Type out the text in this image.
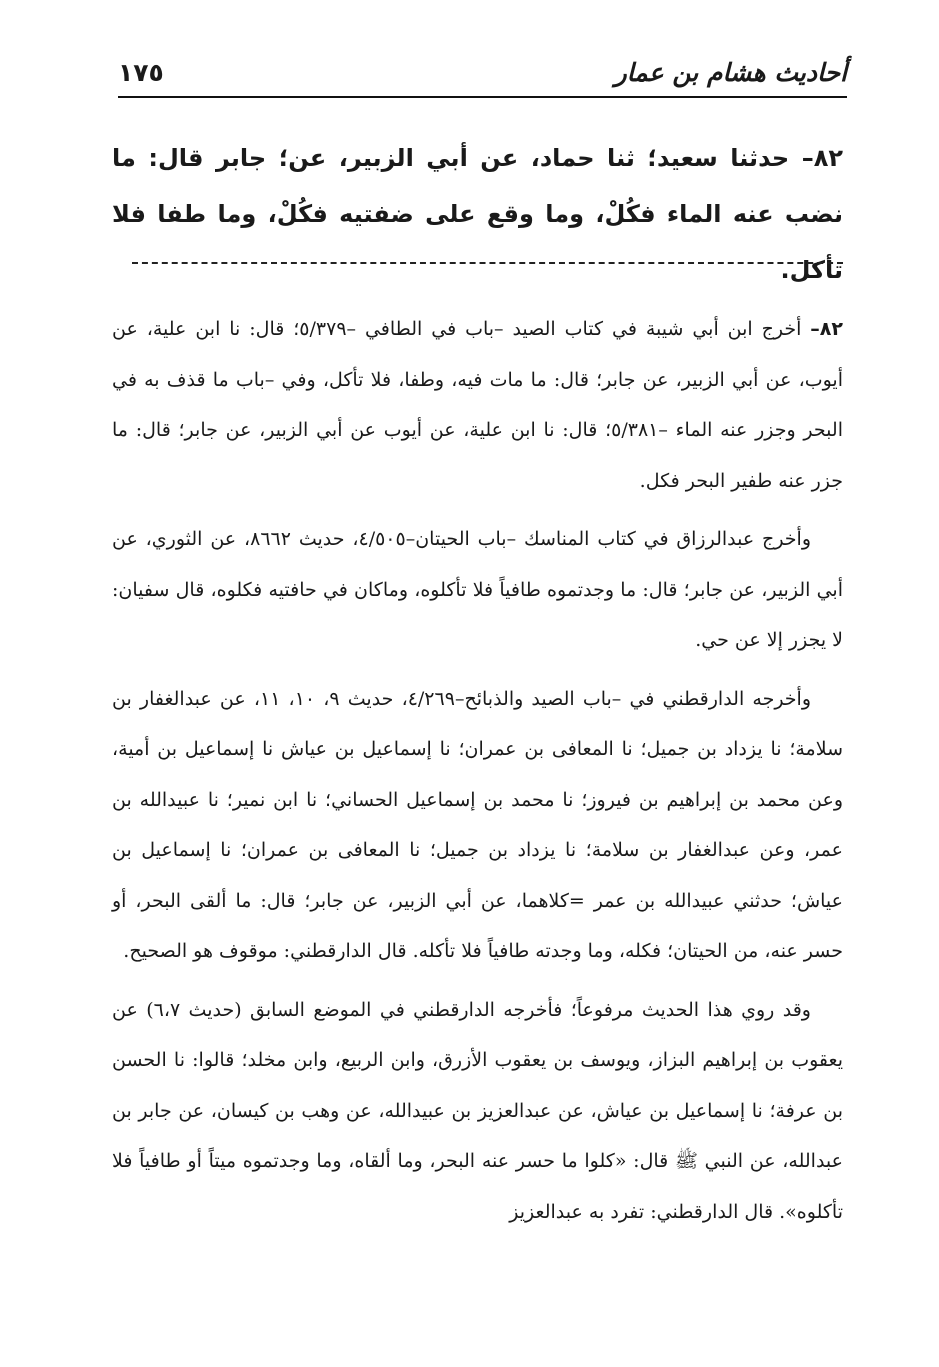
أحاديث هشام بن عمار
١٧٥
٨٢– حدثنا سعيد؛ ثنا حماد، عن أبي الزبير، عن؛ جابر قال: ما نضب عنه الماء فكُلْ، وما وقع على ضفتيه فكُلْ، وما طفا فلا تأكل.

٨٢– أخرج ابن أبي شيبة في كتاب الصيد –باب في الطافي –٥/٣٧٩؛ قال: نا ابن علية، عن أيوب، عن أبي الزبير، عن جابر؛ قال: ما مات فيه، وطفا، فلا تأكل، وفي –باب ما قذف به في البحر وجزر عنه الماء –٥/٣٨١؛ قال: نا ابن علية، عن أيوب عن أبي الزبير، عن جابر؛ قال: ما جزر عنه طفير البحر فكل.

وأخرج عبدالرزاق في كتاب المناسك –باب الحيتان–٤/٥٠٥، حديث ٨٦٦٢، عن الثوري، عن أبي الزبير، عن جابر؛ قال: ما وجدتموه طافياً فلا تأكلوه، وماكان في حافتيه فكلوه، قال سفيان: لا يجزر إلا عن حي.

وأخرجه الدارقطني في –باب الصيد والذبائح–٤/٢٦٩، حديث ٩، ١٠، ١١، عن عبدالغفار بن سلامة؛ نا يزداد بن جميل؛ نا المعافى بن عمران؛ نا إسماعيل بن عياش نا إسماعيل بن أمية، وعن محمد بن إبراهيم بن فيروز؛ نا محمد بن إسماعيل الحساني؛ نا ابن نمير؛ نا عبيدالله بن عمر، وعن عبدالغفار بن سلامة؛ نا يزداد بن جميل؛ نا المعافى بن عمران؛ نا إسماعيل بن عياش؛ حدثني عبيدالله بن عمر =كلاهما، عن أبي الزبير، عن جابر؛ قال: ما ألقى البحر، أو حسر عنه، من الحيتان؛ فكله، وما وجدته طافياً فلا تأكله. قال الدارقطني: موقوف هو الصحيح.

وقد روي هذا الحديث مرفوعاً؛ فأخرجه الدارقطني في الموضع السابق (حديث ٦،٧) عن يعقوب بن إبراهيم البزاز، ويوسف بن يعقوب الأزرق، وابن الربيع، وابن مخلد؛ قالوا: نا الحسن بن عرفة؛ نا إسماعيل بن عياش، عن عبدالعزيز بن عبيدالله، عن وهب بن كيسان، عن جابر بن عبدالله، عن النبي ﷺ قال: «كلوا ما حسر عنه البحر، وما ألقاه، وما وجدتموه ميتاً أو طافياً فلا تأكلوه». قال الدارقطني: تفرد به عبدالعزيز
